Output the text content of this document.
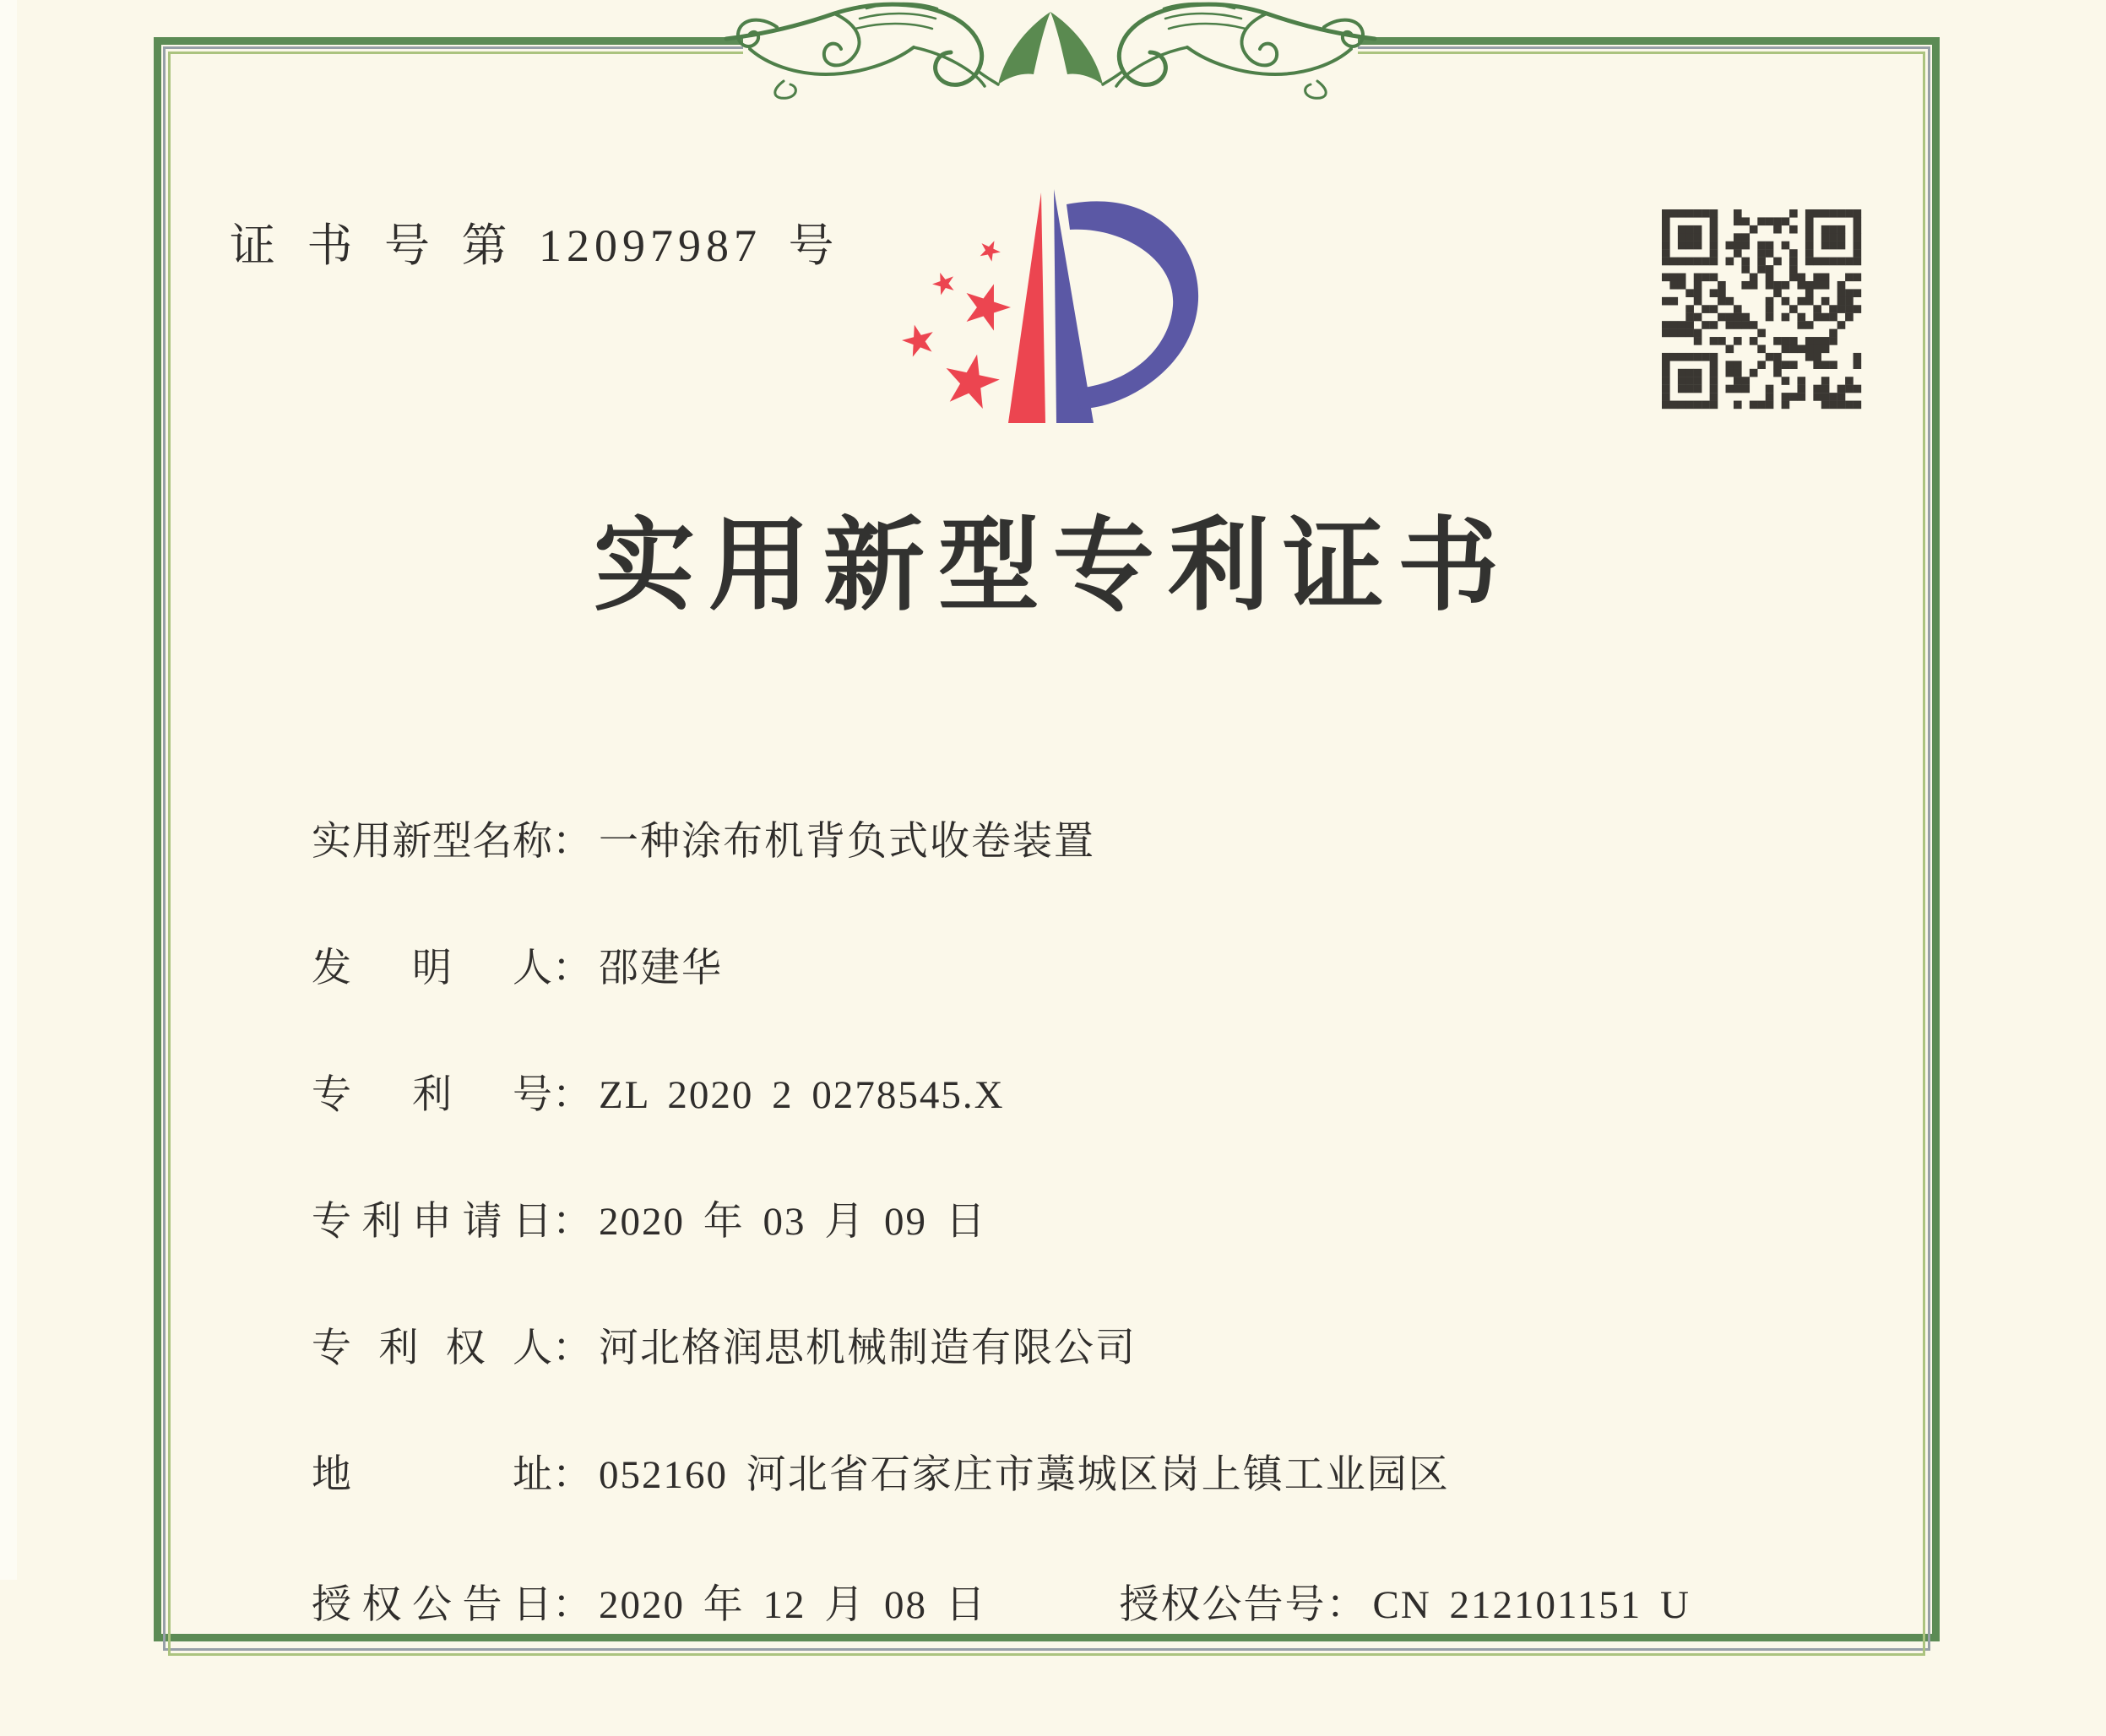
证 书 号 第 12097987 号
实用新型专利证书

实用新型名称： 一种涂布机背负式收卷装置

发明人： 邵建华

专利号： ZL 2020 2 0278545.X

专利申请日： 2020 年 03 月 09 日

专利权人： 河北格润思机械制造有限公司

地址： 052160 河北省石家庄市藁城区岗上镇工业园区

授权公告日： 2020 年 12 月 08 日
	授权公告号： CN 212101151 U
